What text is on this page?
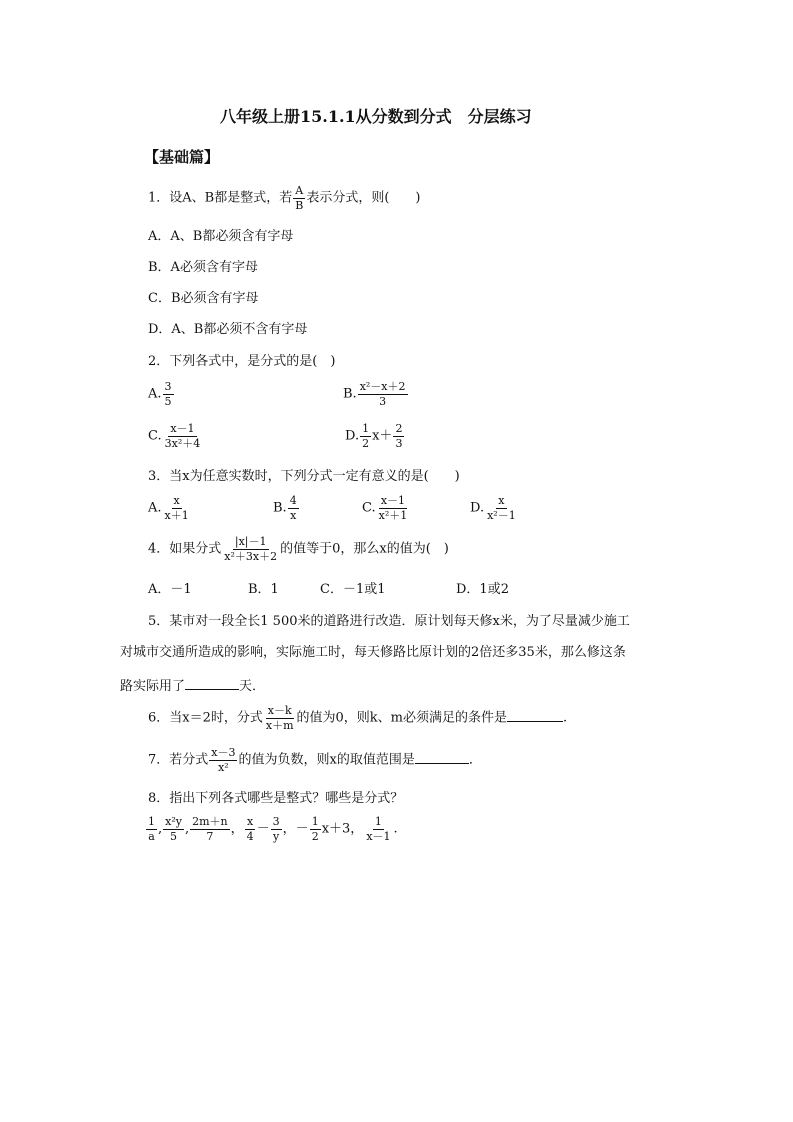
八年级上册15.1.1从分数到分式　分层练习
【基础篇】
1．设A、B都是整式，若 $\frac{A}{B}$ 表示分式，则(　　)
A．A、B都必须含有字母
B．A必须含有字母
C．B必须含有字母
D．A、B都必须不含有字母
2．下列各式中，是分式的是(　)
A. $\frac{3}{5}$	B. $\frac{\text{x²－x＋2}}{3}$
C. $\frac{x-1}{\text{3x²＋4}}$	D. $\frac{1}{2} x+ \frac{2}{3}$
3．当x为任意实数时，下列分式一定有意义的是(　　)
A. $\frac{x}{x+1}$	B. $\frac{4}{x}$	C. $\frac{x-1}{\text{x²＋1}}$	D. $\frac{x}{\text{x²－1}}$
4．如果分式 $\frac{|x|-1}{\text{x²＋3x＋2}}$ 的值等于0，那么x的值为(　)
A．－1	B．1	C．－1或1	D．1或2
5．某市对一段全长1 500米的道路进行改造．原计划每天修x米，为了尽量减少施工
对城市交通所造成的影响，实际施工时，每天修路比原计划的2倍还多35米，那么修这条
路实际用了	天．
6．当x＝2时，分式 $\frac{x-k}{x+m}$ 的值为0，则k、m必须满足的条件是	.
7．若分式 $\frac{x-3}{\text{x²}}$ 的值为负数，则x的取值范围是	．
8．指出下列各式哪些是整式？哪些是分式？
$\frac{1}{a}$ , $\frac{\text{x²y}}{5}$ , $\frac{2m+n}{7}$ ， $\frac{x}{4} - \frac{3}{y}$ ，－ $\frac{1}{2} x+3$， $\frac{1}{x-1}$ .
